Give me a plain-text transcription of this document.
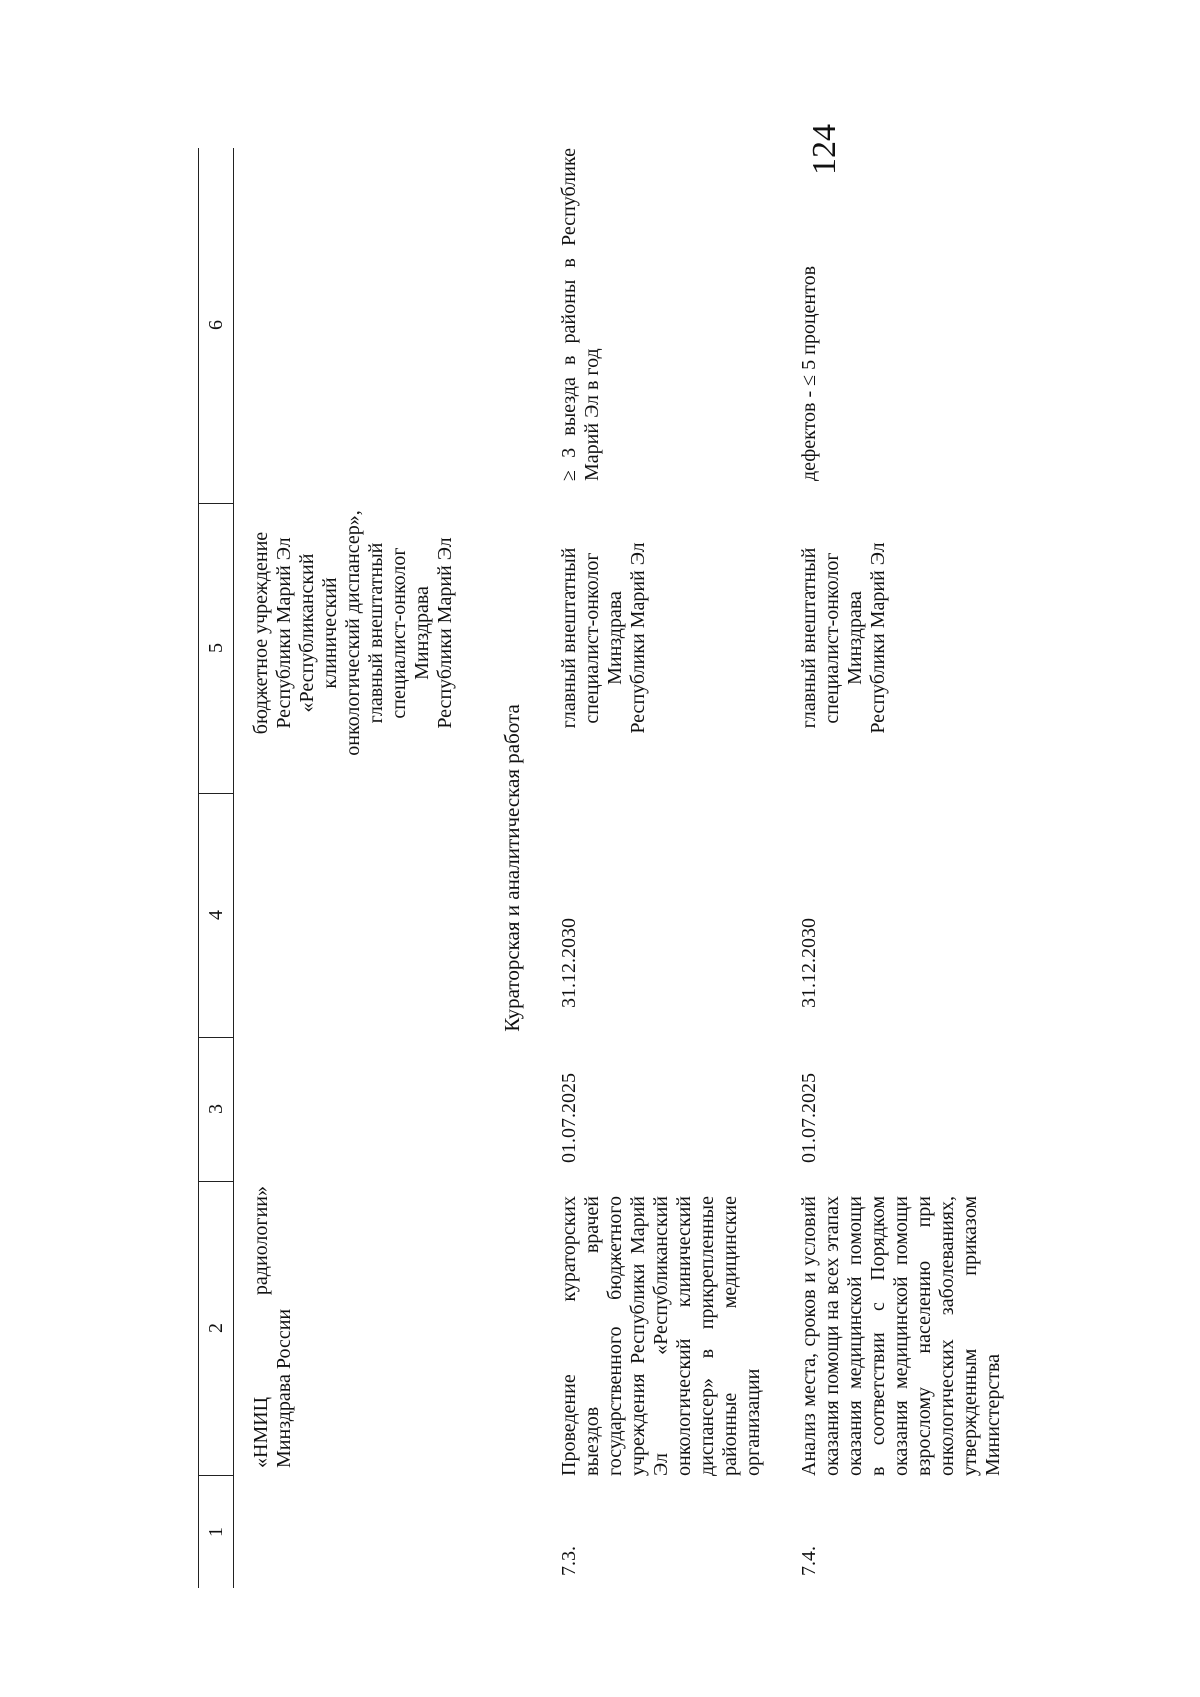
124
1
2
3
4
5
6
«НМИЦ
радиологии»
Минздрава России
бюджетное учреждение Республики Марий Эл «Республиканский клинический онкологический диспансер», главный внештатный специалист-онколог Минздрава Республики Марий Эл
Кураторская и аналитическая работа
7.3.
Проведение кураторских выездов врачей государственного бюджетного учреждения Республики Марий Эл «Республиканский онкологический клинический диспансер» в прикрепленные районные медицинские организации
01.07.2025
31.12.2030
главный внештатный специалист-онколог Минздрава Республики Марий Эл
≥ 3 выезда в районы в Республике Марий Эл в год
7.4.
Анализ места, сроков и условий оказания помощи на всех этапах оказания медицинской помощи в соответствии с Порядком оказания медицинской помощи взрослому населению при онкологических заболеваниях, утвержденным приказом Министерства
01.07.2025
31.12.2030
главный внештатный специалист-онколог Минздрава Республики Марий Эл
дефектов - ≤ 5 процентов
